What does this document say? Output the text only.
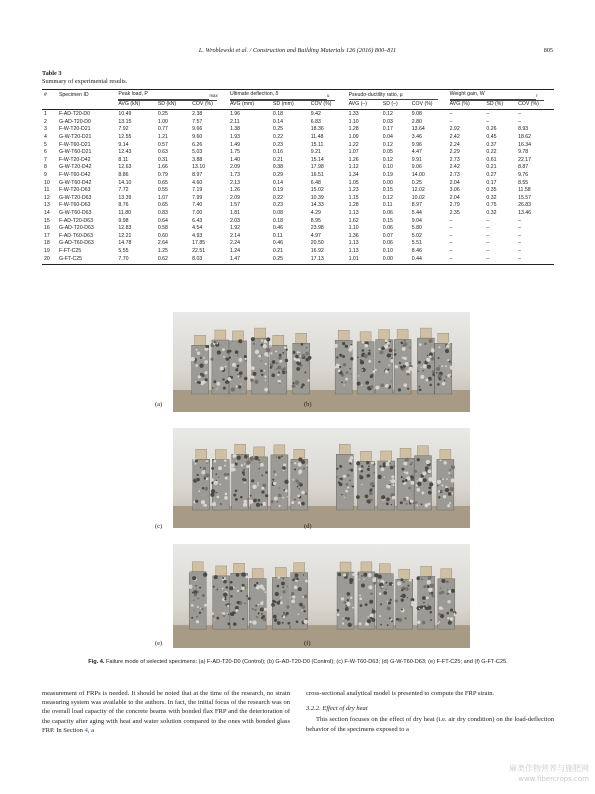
L. Wroblewski et al. / Construction and Building Materials 126 (2016) 800–811	805
Table 3
Summary of experimental results.
#	Specimen ID	Peak load, P $_{max}$			Ultimate deflection, δ $_u$			Pseudo-ductility ratio, μ			Weight gain, W $_r$
		AVG (kN)	SD (kN)	COV (%)	AVG (mm)	SD (mm)	COV (%)	AVG (–)	SD (–)	COV (%)	AVG (%)	SD (%)	COV (%)
1	F-AD-T20-D0	10.49	0.25	2.38	1.96	0.18	9.42	1.33	0.12	9.08	–	–	–
2	G-AD-T20-D0	13.15	1.00	7.57	2.11	0.14	6.83	1.10	0.03	2.80	–	–	–
3	F-W-T20-D21	7.92	0.77	9.66	1.38	0.25	18.36	1.28	0.17	13.64	2.92	0.26	8.93
4	G-W-T20-D21	12.55	1.21	9.60	1.93	0.22	11.48	1.09	0.04	3.46	2.42	0.45	18.62
5	F-W-T60-D21	9.14	0.57	6.26	1.49	0.23	15.11	1.22	0.12	9.96	2.24	0.37	16.34
6	G-W-T60-D21	12.43	0.63	5.03	1.75	0.16	9.21	1.07	0.05	4.47	2.29	0.22	9.78
7	F-W-T20-D42	8.11	0.31	3.88	1.40	0.21	15.14	1.26	0.12	9.91	2.73	0.61	22.17
8	G-W-T20-D42	12.63	1.66	13.10	2.09	0.38	17.98	1.12	0.10	9.06	2.42	0.21	8.87
9	F-W-T60-D42	8.86	0.79	8.97	1.73	0.29	16.51	1.34	0.19	14.00	2.73	0.27	9.76
10	G-W-T60-D42	14.10	0.65	4.60	2.13	0.14	6.48	1.05	0.00	0.25	2.04	0.17	8.55
11	F-W-T20-D63	7.72	0.55	7.19	1.26	0.19	15.02	1.23	0.15	12.02	3.06	0.35	11.58
12	G-W-T20-D63	13.39	1.07	7.99	2.09	0.22	10.39	1.15	0.12	10.02	2.04	0.32	15.57
13	F-W-T60-D63	8.76	0.65	7.40	1.57	0.23	14.33	1.28	0.11	8.97	2.79	0.75	26.83
14	G-W-T60-D63	11.80	0.83	7.00	1.81	0.08	4.29	1.13	0.06	5.44	2.35	0.32	13.46
15	F-AD-T20-D63	9.98	0.64	6.43	2.03	0.18	8.95	1.62	0.15	9.04	–	–	–
16	G-AD-T20-D63	12.83	0.58	4.54	1.92	0.46	23.98	1.10	0.06	5.80	–	–	–
17	F-AD-T60-D63	12.21	0.60	4.93	2.14	0.11	4.97	1.36	0.07	5.02	–	–	–
18	G-AD-T60-D63	14.78	2.64	17.85	2.24	0.46	20.50	1.13	0.06	5.51	–	–	–
19	F-FT-C25	5.55	1.25	22.51	1.24	0.21	16.92	1.13	0.10	8.46	–	–	–
20	G-FT-C25	7.70	0.62	8.03	1.47	0.25	17.13	1.01	0.00	0.44	–	–	–
(a)	(b)
(c)	(d)
(e)	(f)
Fig. 4. Failure mode of selected specimens: (a) F-AD-T20-D0 (Control); (b) G-AD-T20-D0 (Control); (c) F-W-T60-D63; (d) G-W-T60-D63; (e) F-FT-C25; and (f) G-FT-C25.

measurement of FRPs is needed. It should be noted that at the time of the research, no strain measuring system was available to the authors. In fact, the initial focus of the research was on the overall load capacity of the concrete beams with bonded flax FRP and the deterioration of the capacity after aging with heat and water solution compared to the ones with bonded glass FRP. In Section 4, a

cross-sectional analytical model is presented to compute the FRP strain.

3.2.2. Effect of dry heat

This section focuses on the effect of dry heat (i.e. air dry condition) on the load-deflection behavior of the specimens exposed to a

麻类作物营养与施肥网
www.fibercrops.com
